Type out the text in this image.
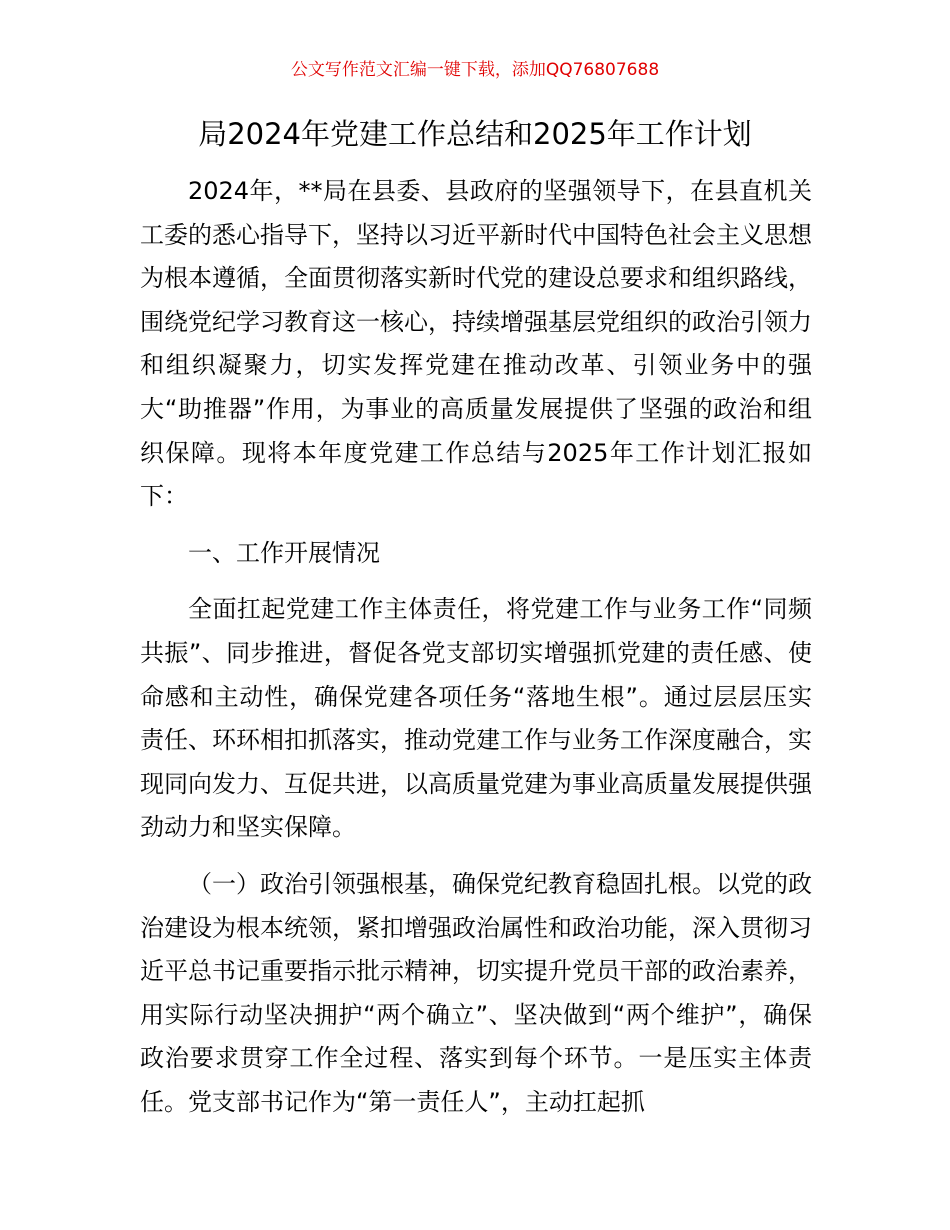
公文写作范文汇编一键下载，添加QQ76807688
局2024年党建工作总结和2025年工作计划

2024年，**局在县委、县政府的坚强领导下，在县直机关工委的悉心指导下，坚持以习近平新时代中国特色社会主义思想为根本遵循，全面贯彻落实新时代党的建设总要求和组织路线，围绕党纪学习教育这一核心，持续增强基层党组织的政治引领力和组织凝聚力，切实发挥党建在推动改革、引领业务中的强大“助推器”作用，为事业的高质量发展提供了坚强的政治和组织保障。现将本年度党建工作总结与2025年工作计划汇报如下：

一、工作开展情况

全面扛起党建工作主体责任，将党建工作与业务工作“同频共振”、同步推进，督促各党支部切实增强抓党建的责任感、使命感和主动性，确保党建各项任务“落地生根”。通过层层压实责任、环环相扣抓落实，推动党建工作与业务工作深度融合，实现同向发力、互促共进，以高质量党建为事业高质量发展提供强劲动力和坚实保障。

（一）政治引领强根基，确保党纪教育稳固扎根。以党的政治建设为根本统领，紧扣增强政治属性和政治功能，深入贯彻习近平总书记重要指示批示精神，切实提升党员干部的政治素养，用实际行动坚决拥护“两个确立”、坚决做到“两个维护”，确保政治要求贯穿工作全过程、落实到每个环节。一是压实主体责任。党支部书记作为“第一责任人”，主动扛起抓
